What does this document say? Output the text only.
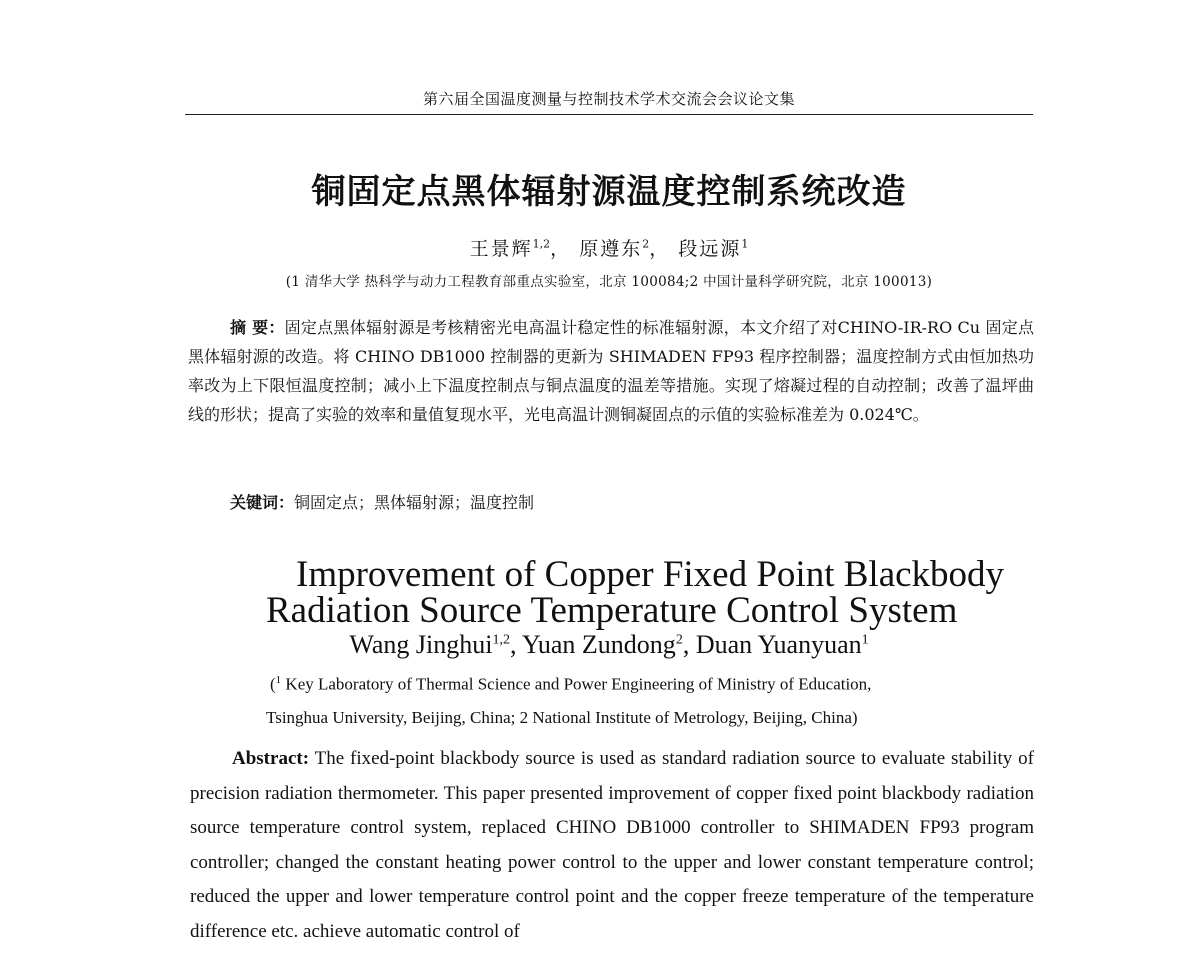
第六届全国温度测量与控制技术学术交流会会议论文集
铜固定点黑体辐射源温度控制系统改造
王景辉$^{1,2}$， 原遵东$^2$， 段远源$^1$
(1 清华大学 热科学与动力工程教育部重点实验室，北京 100084;2 中国计量科学研究院，北京 100013)
摘 要：固定点黑体辐射源是考核精密光电高温计稳定性的标准辐射源，本文介绍了对CHINO-IR-RO Cu 固定点黑体辐射源的改造。将 CHINO DB1000 控制器的更新为 SHIMADEN FP93 程序控制器；温度控制方式由恒加热功率改为上下限恒温度控制；减小上下温度控制点与铜点温度的温差等措施。实现了熔凝过程的自动控制；改善了温坪曲线的形状；提高了实验的效率和量值复现水平，光电高温计测铜凝固点的示值的实验标准差为 0.024℃。
关键词：铜固定点；黑体辐射源；温度控制
Improvement of Copper Fixed Point Blackbody
Radiation Source Temperature Control System
Wang Jinghui$^{1,2}$, Yuan Zundong$^2$, Duan Yuanyuan$^1$
($^1$ Key Laboratory of Thermal Science and Power Engineering of Ministry of Education,
Tsinghua University, Beijing, China; 2 National Institute of Metrology, Beijing, China)
Abstract: The fixed-point blackbody source is used as standard radiation source to evaluate stability of precision radiation thermometer. This paper presented improvement of copper fixed point blackbody radiation source temperature control system, replaced CHINO DB1000 controller to SHIMADEN FP93 program controller; changed the constant heating power control to the upper and lower constant temperature control; reduced the upper and lower temperature control point and the copper freeze temperature of the temperature difference etc. achieve automatic control of
